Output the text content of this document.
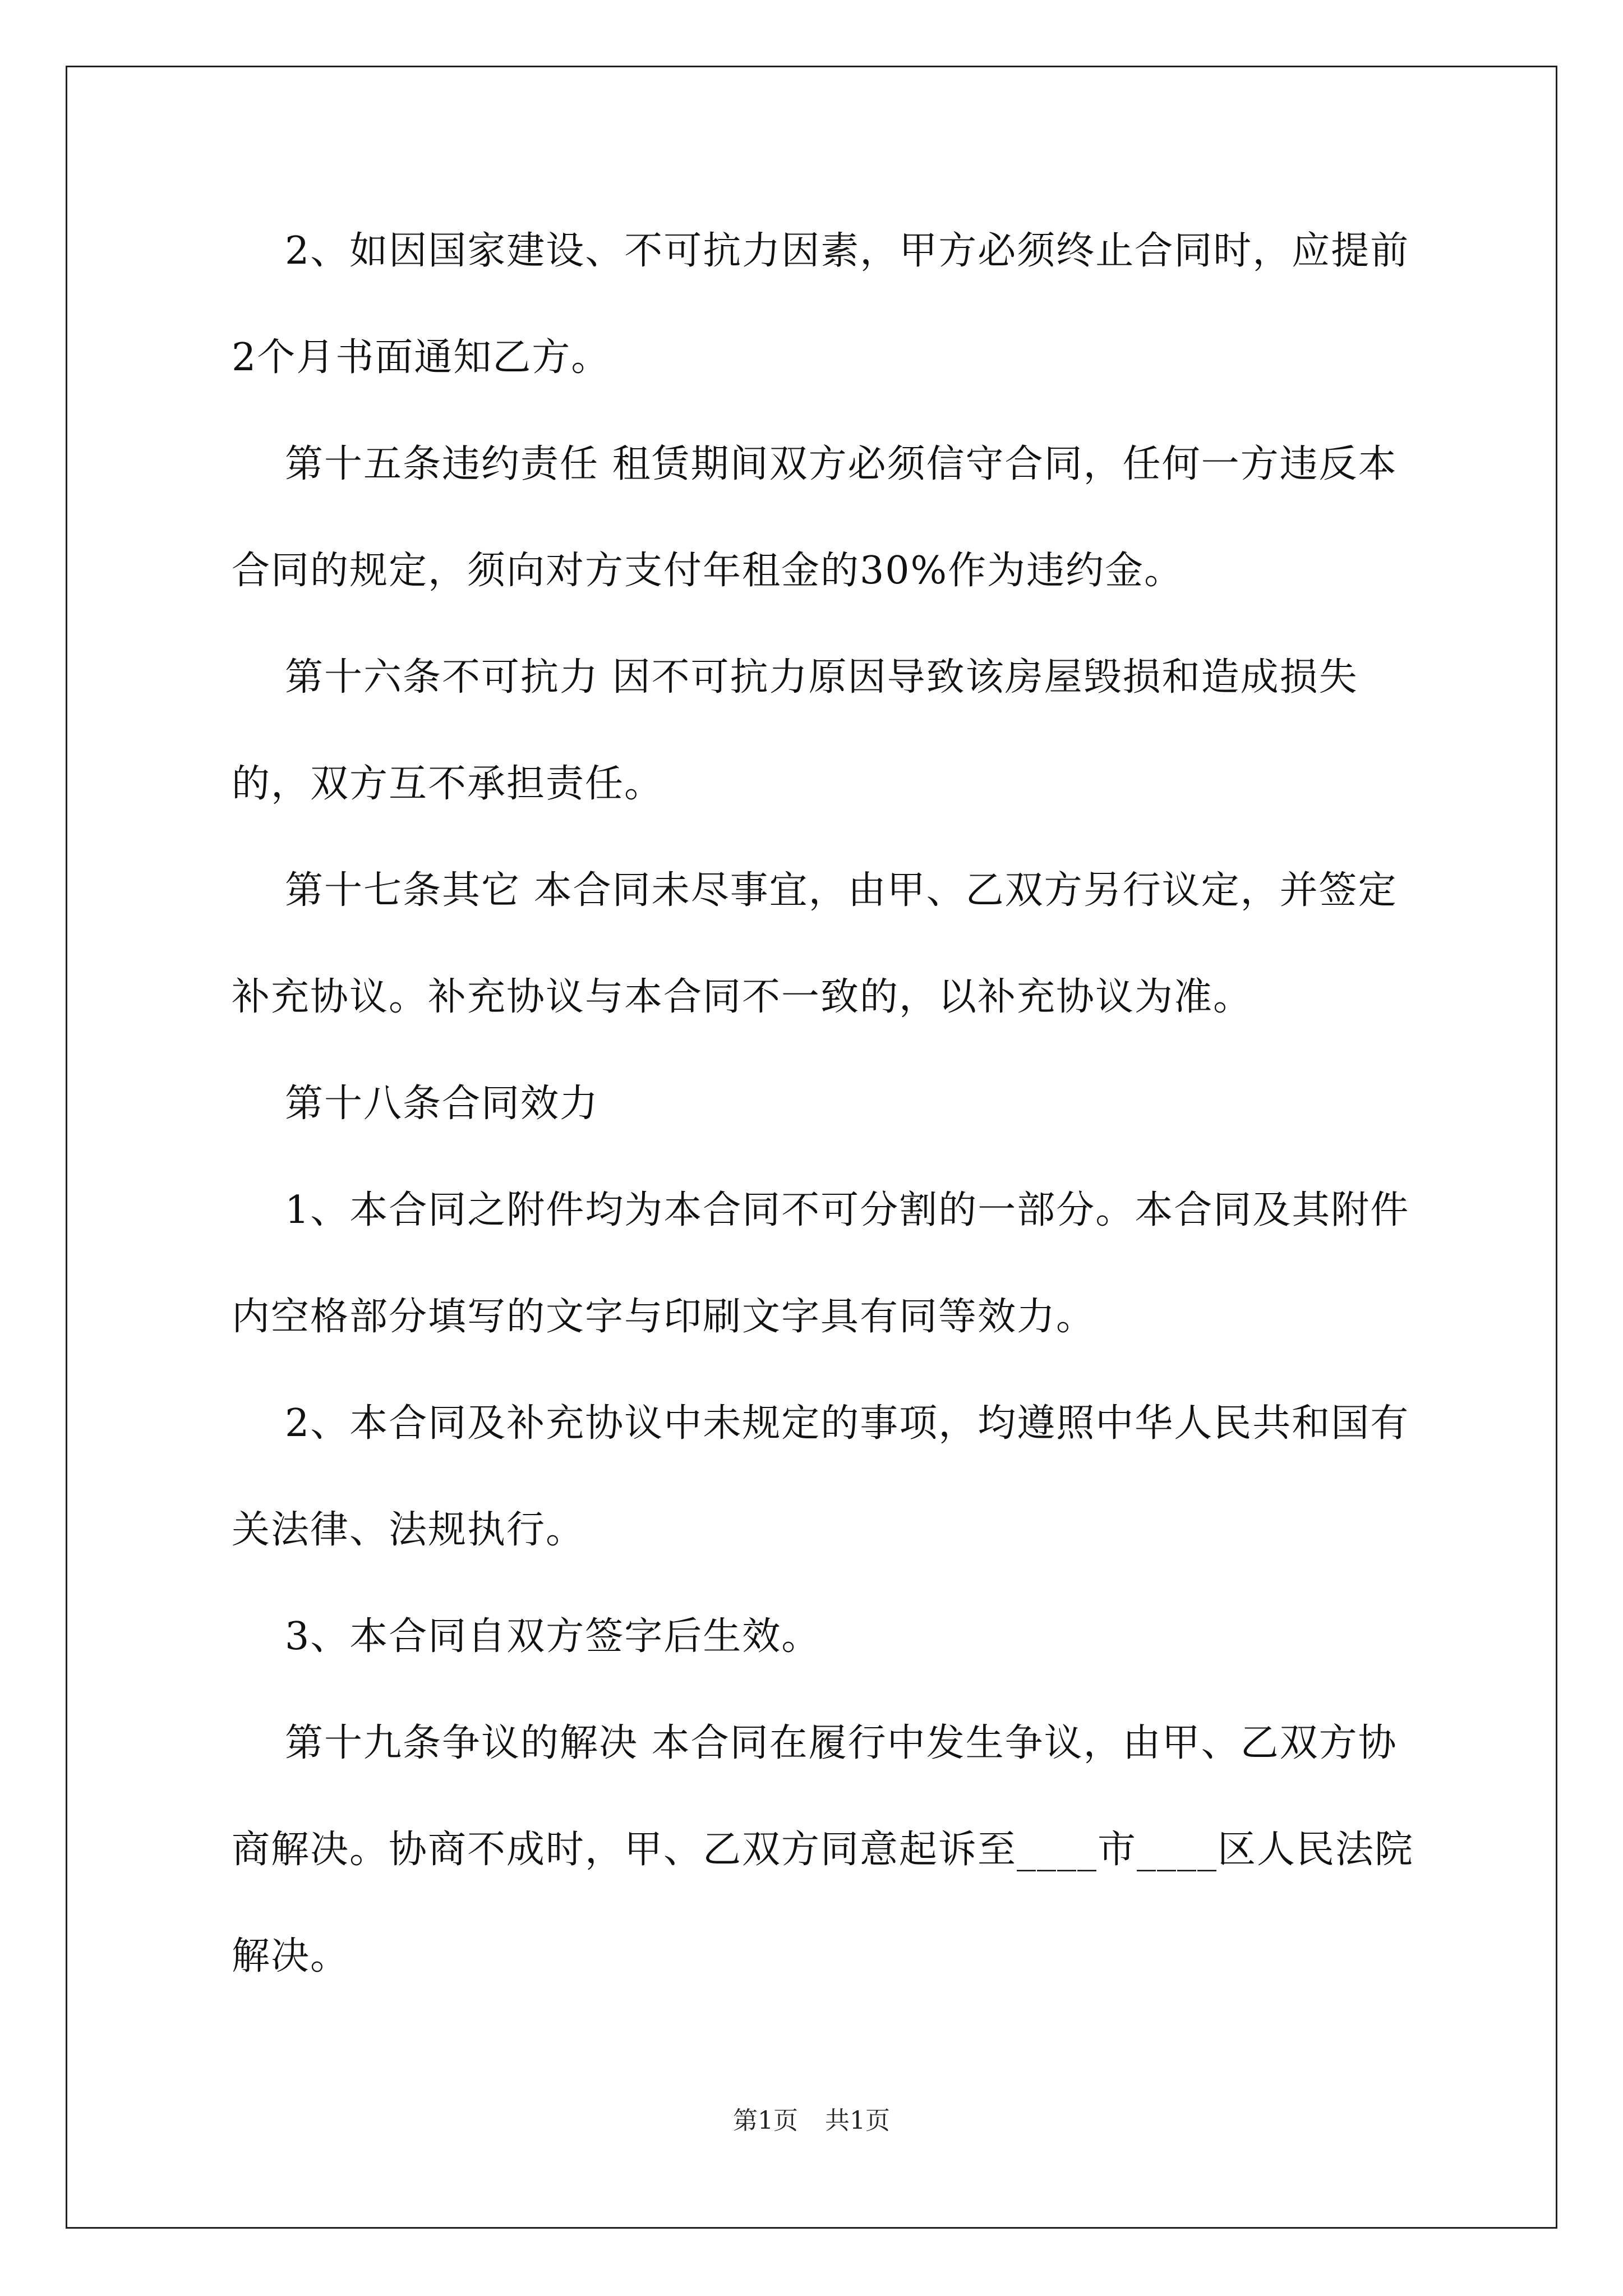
2、如因国家建设、不可抗力因素，甲方必须终止合同时，应提前2个月书面通知乙方。

第十五条违约责任 租赁期间双方必须信守合同，任何一方违反本合同的规定，须向对方支付年租金的30%作为违约金。

第十六条不可抗力 因不可抗力原因导致该房屋毁损和造成损失的，双方互不承担责任。

第十七条其它 本合同未尽事宜，由甲、乙双方另行议定，并签定补充协议。补充协议与本合同不一致的，以补充协议为准。

第十八条合同效力

1、本合同之附件均为本合同不可分割的一部分。本合同及其附件内空格部分填写的文字与印刷文字具有同等效力。

2、本合同及补充协议中未规定的事项，均遵照中华人民共和国有关法律、法规执行。

3、本合同自双方签字后生效。

第十九条争议的解决 本合同在履行中发生争议，由甲、乙双方协商解决。协商不成时，甲、乙双方同意起诉至____市____区人民法院解决。

第1页 共1页
